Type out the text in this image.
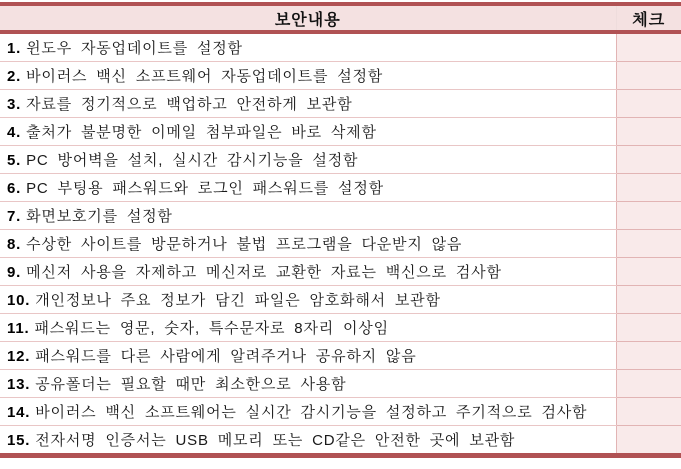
보안내용	체크
1. 윈도우 자동업데이트를 설정함	
2. 바이러스 백신 소프트웨어 자동업데이트를 설정함	
3. 자료를 정기적으로 백업하고 안전하게 보관함	
4. 출처가 불분명한 이메일 첨부파일은 바로 삭제함	
5. PC 방어벽을 설치, 실시간 감시기능을 설정함	
6. PC 부팅용 패스워드와 로그인 패스워드를 설정함	
7. 화면보호기를 설정함	
8. 수상한 사이트를 방문하거나 불법 프로그램을 다운받지 않음	
9. 메신저 사용을 자제하고 메신저로 교환한 자료는 백신으로 검사함	
10. 개인정보나 주요 정보가 담긴 파일은 암호화해서 보관함	
11. 패스워드는 영문, 숫자, 특수문자로 8자리 이상임	
12. 패스워드를 다른 사람에게 알려주거나 공유하지 않음	
13. 공유폴더는 필요할 때만 최소한으로 사용함	
14. 바이러스 백신 소프트웨어는 실시간 감시기능을 설정하고 주기적으로 검사함	
15. 전자서명 인증서는 USB 메모리 또는 CD같은 안전한 곳에 보관함	
